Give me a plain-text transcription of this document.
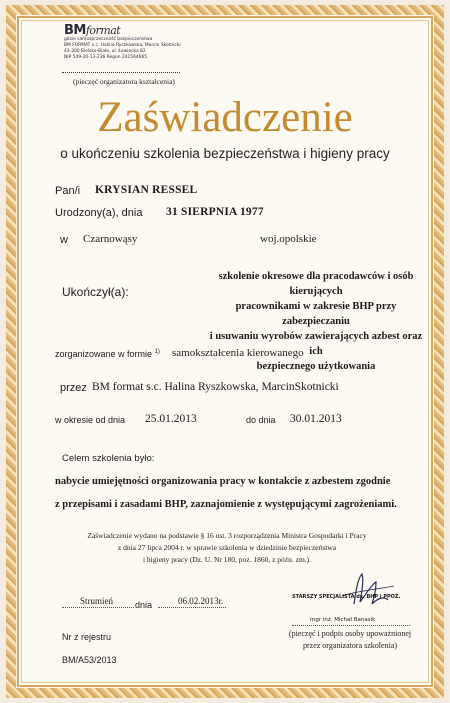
BMformat
gdzie samosprzeczność bezpieczeństwa
BM FORMAT s.c. Halina Ryszkowska, Marcin Skotnicki
43-300 Bielsko-Biała, ul. Łowiecka 82
NIP 549-20-13-236 Regon 241564665
(pieczęć organizatora kształcenia)
Zaświadczenie
o ukończeniu szkolenia bezpieczeństwa i higieny pracy
Pan/i KRYSIAN RESSEL
Urodzony(a), dnia 31 SIERPNIA 1977
w Czarnowąsy	woj.opolskie
Ukończył(a):
szkolenie okresowe dla pracodawców i osób kierujących
pracownikami w zakresie BHP przy zabezpieczaniu
i usuwaniu wyrobów zawierających azbest oraz ich
bezpiecznego użytkowania
zorganizowane w formie $^{1)}$ samokształcenia kierowanego
przez BM format s.c. Halina Ryszkowska, MarcinSkotnicki
w okresie od dnia 25.01.2013	do dnia 30.01.2013
Celem szkolenia było:
nabycie umiejętności organizowania pracy w kontakcie z azbestem zgodnie
z przepisami i zasadami BHP, zaznajomienie z występującymi zagrożeniami.
Zaświadczenie wydano na podstawie § 16 ust. 3 rozporządzenia Ministra Gospodarki i Pracy
z dnia 27 lipca 2004 r. w sprawie szkolenia w dziedzinie bezpieczeństwa
i higieny pracy (Dz. U. Nr 180, poz. 1860, z późn. zm.).
Strumień dnia	06.02.2013r.
Nr z rejestru
BM/A53/2013
STARSZY SPECJALISTA ds. BHP i PPOŻ.
mgr inż. Michał Banasik
(pieczęć i podpis osoby upoważnionej
przez organizatora szkolenia)
